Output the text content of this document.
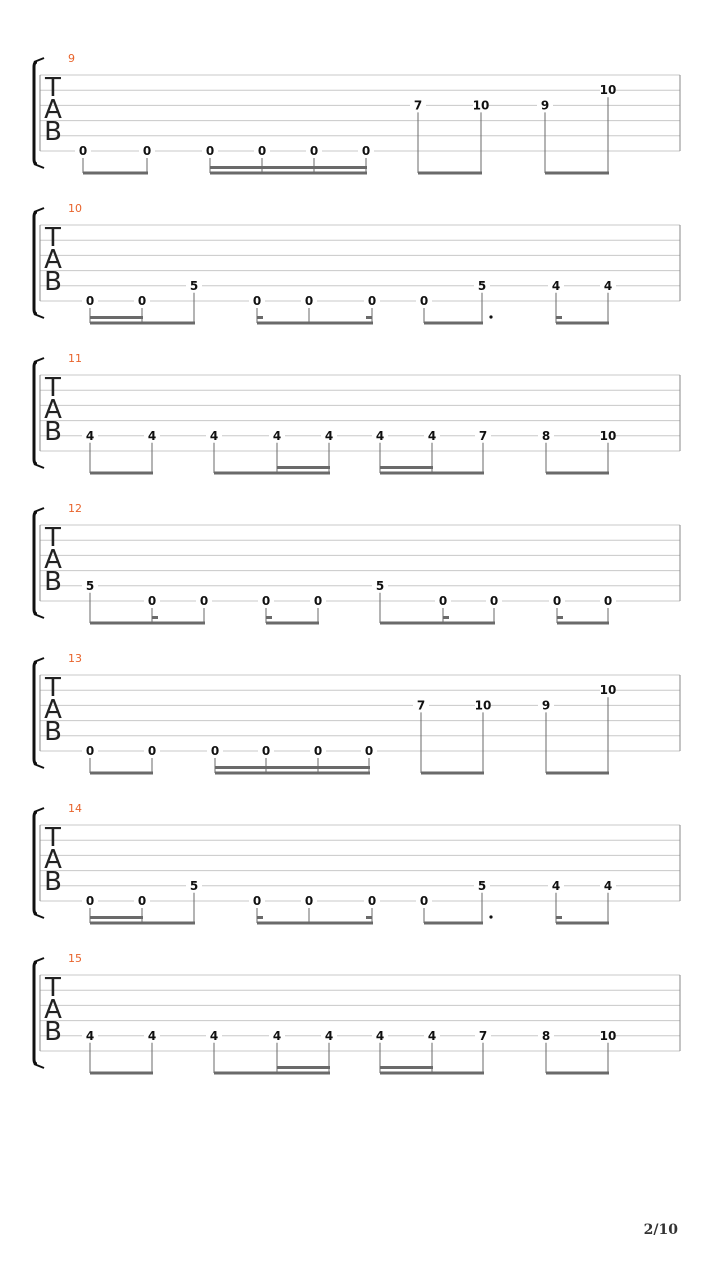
T
A
B
9
0	0	0	0	0	0
7	10	9
10
T
A
B
10
0	0
5
0	0	0	0
5	4	4
T
A
B
11
4	4	4	4	4	4	4	7	8	10
T
A
B
12
5
0	0	0	0
5
0	0	0	0
T
A
B
13
0	0	0	0	0	0
7	10	9
10
T
A
B
14
0	0
5
0	0	0	0
5	4	4
T
A
B
15
4	4	4	4	4	4	4	7	8	10
2/10
